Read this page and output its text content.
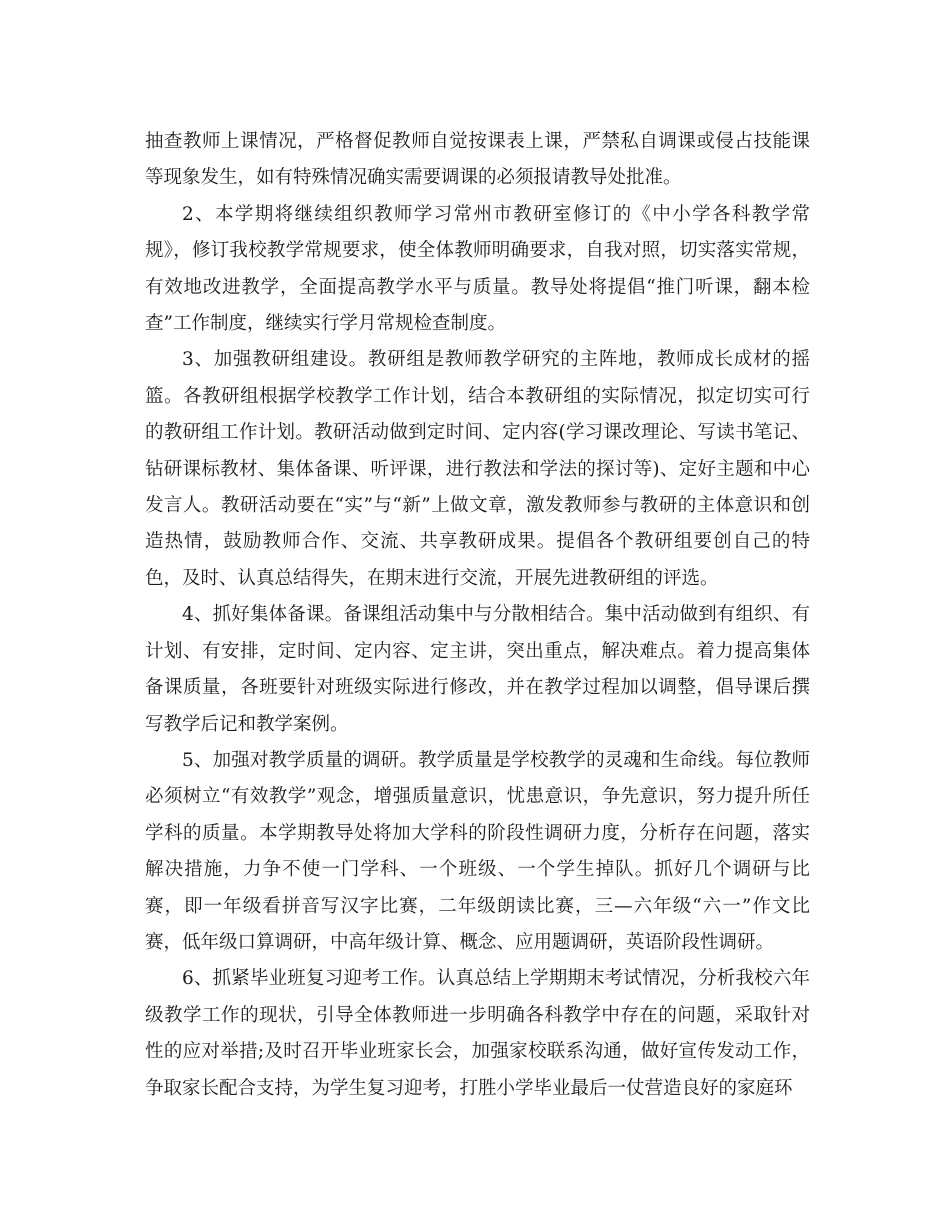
抽查教师上课情况，严格督促教师自觉按课表上课，严禁私自调课或侵占技能课等现象发生，如有特殊情况确实需要调课的必须报请教导处批准。

2、本学期将继续组织教师学习常州市教研室修订的《中小学各科教学常规》，修订我校教学常规要求，使全体教师明确要求，自我对照，切实落实常规，有效地改进教学，全面提高教学水平与质量。教导处将提倡“推门听课，翻本检查”工作制度，继续实行学月常规检查制度。

3、加强教研组建设。教研组是教师教学研究的主阵地，教师成长成材的摇篮。各教研组根据学校教学工作计划，结合本教研组的实际情况，拟定切实可行的教研组工作计划。教研活动做到定时间、定内容(学习课改理论、写读书笔记、钻研课标教材、集体备课、听评课，进行教法和学法的探讨等)、定好主题和中心发言人。教研活动要在“实”与“新”上做文章，激发教师参与教研的主体意识和创造热情，鼓励教师合作、交流、共享教研成果。提倡各个教研组要创自己的特色，及时、认真总结得失，在期末进行交流，开展先进教研组的评选。

4、抓好集体备课。备课组活动集中与分散相结合。集中活动做到有组织、有计划、有安排，定时间、定内容、定主讲，突出重点，解决难点。着力提高集体备课质量，各班要针对班级实际进行修改，并在教学过程加以调整，倡导课后撰写教学后记和教学案例。

5、加强对教学质量的调研。教学质量是学校教学的灵魂和生命线。每位教师必须树立“有效教学”观念，增强质量意识，忧患意识，争先意识，努力提升所任学科的质量。本学期教导处将加大学科的阶段性调研力度，分析存在问题，落实解决措施，力争不使一门学科、一个班级、一个学生掉队。抓好几个调研与比赛，即一年级看拼音写汉字比赛，二年级朗读比赛，三—六年级“六一”作文比赛，低年级口算调研，中高年级计算、概念、应用题调研，英语阶段性调研。

6、抓紧毕业班复习迎考工作。认真总结上学期期末考试情况，分析我校六年级教学工作的现状，引导全体教师进一步明确各科教学中存在的问题，采取针对性的应对举措;及时召开毕业班家长会，加强家校联系沟通，做好宣传发动工作，争取家长配合支持，为学生复习迎考，打胜小学毕业最后一仗营造良好的家庭环
